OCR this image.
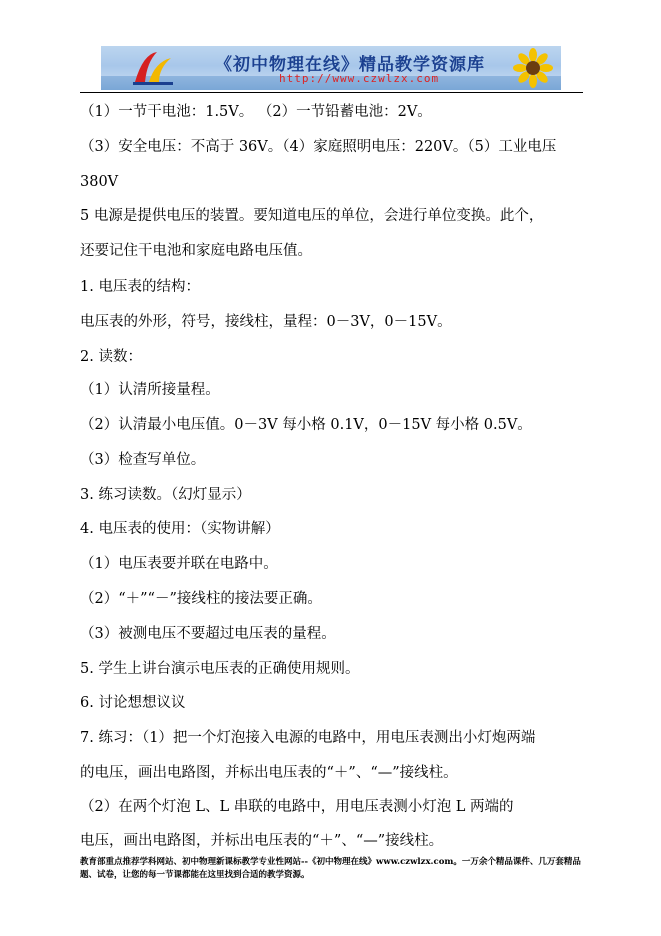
《初中物理在线》精品教学资源库
http://www.czwlzx.com
（1）一节干电池：1.5V。 （2）一节铅蓄电池：2V。
（3）安全电压：不高于 36V。（4）家庭照明电压：220V。（5）工业电压
380V
5 电源是提供电压的装置。要知道电压的单位，会进行单位变换。此个，
还要记住干电池和家庭电路电压值。
1. 电压表的结构：
电压表的外形，符号，接线柱，量程：0－3V，0－15V。
2. 读数：
（1）认清所接量程。
（2）认清最小电压值。0－3V 每小格 0.1V，0－15V 每小格 0.5V。
（3）检查写单位。
3. 练习读数。（幻灯显示）
4. 电压表的使用：（实物讲解）
（1）电压表要并联在电路中。
（2）“＋”“－”接线柱的接法要正确。
（3）被测电压不要超过电压表的量程。
5. 学生上讲台演示电压表的正确使用规则。
6. 讨论想想议议
7. 练习：（1）把一个灯泡接入电源的电路中，用电压表测出小灯炮两端
的电压，画出电路图，并标出电压表的“＋”、“—”接线柱。
（2）在两个灯泡 L、L 串联的电路中，用电压表测小灯泡 L 两端的
电压，画出电路图，并标出电压表的“＋”、“—”接线柱。
教育部重点推荐学科网站、初中物理新课标教学专业性网站--《初中物理在线》www.czwlzx.com。一万余个精品课件、几万套精品题、试卷，让您的每一节课都能在这里找到合适的教学资源。
